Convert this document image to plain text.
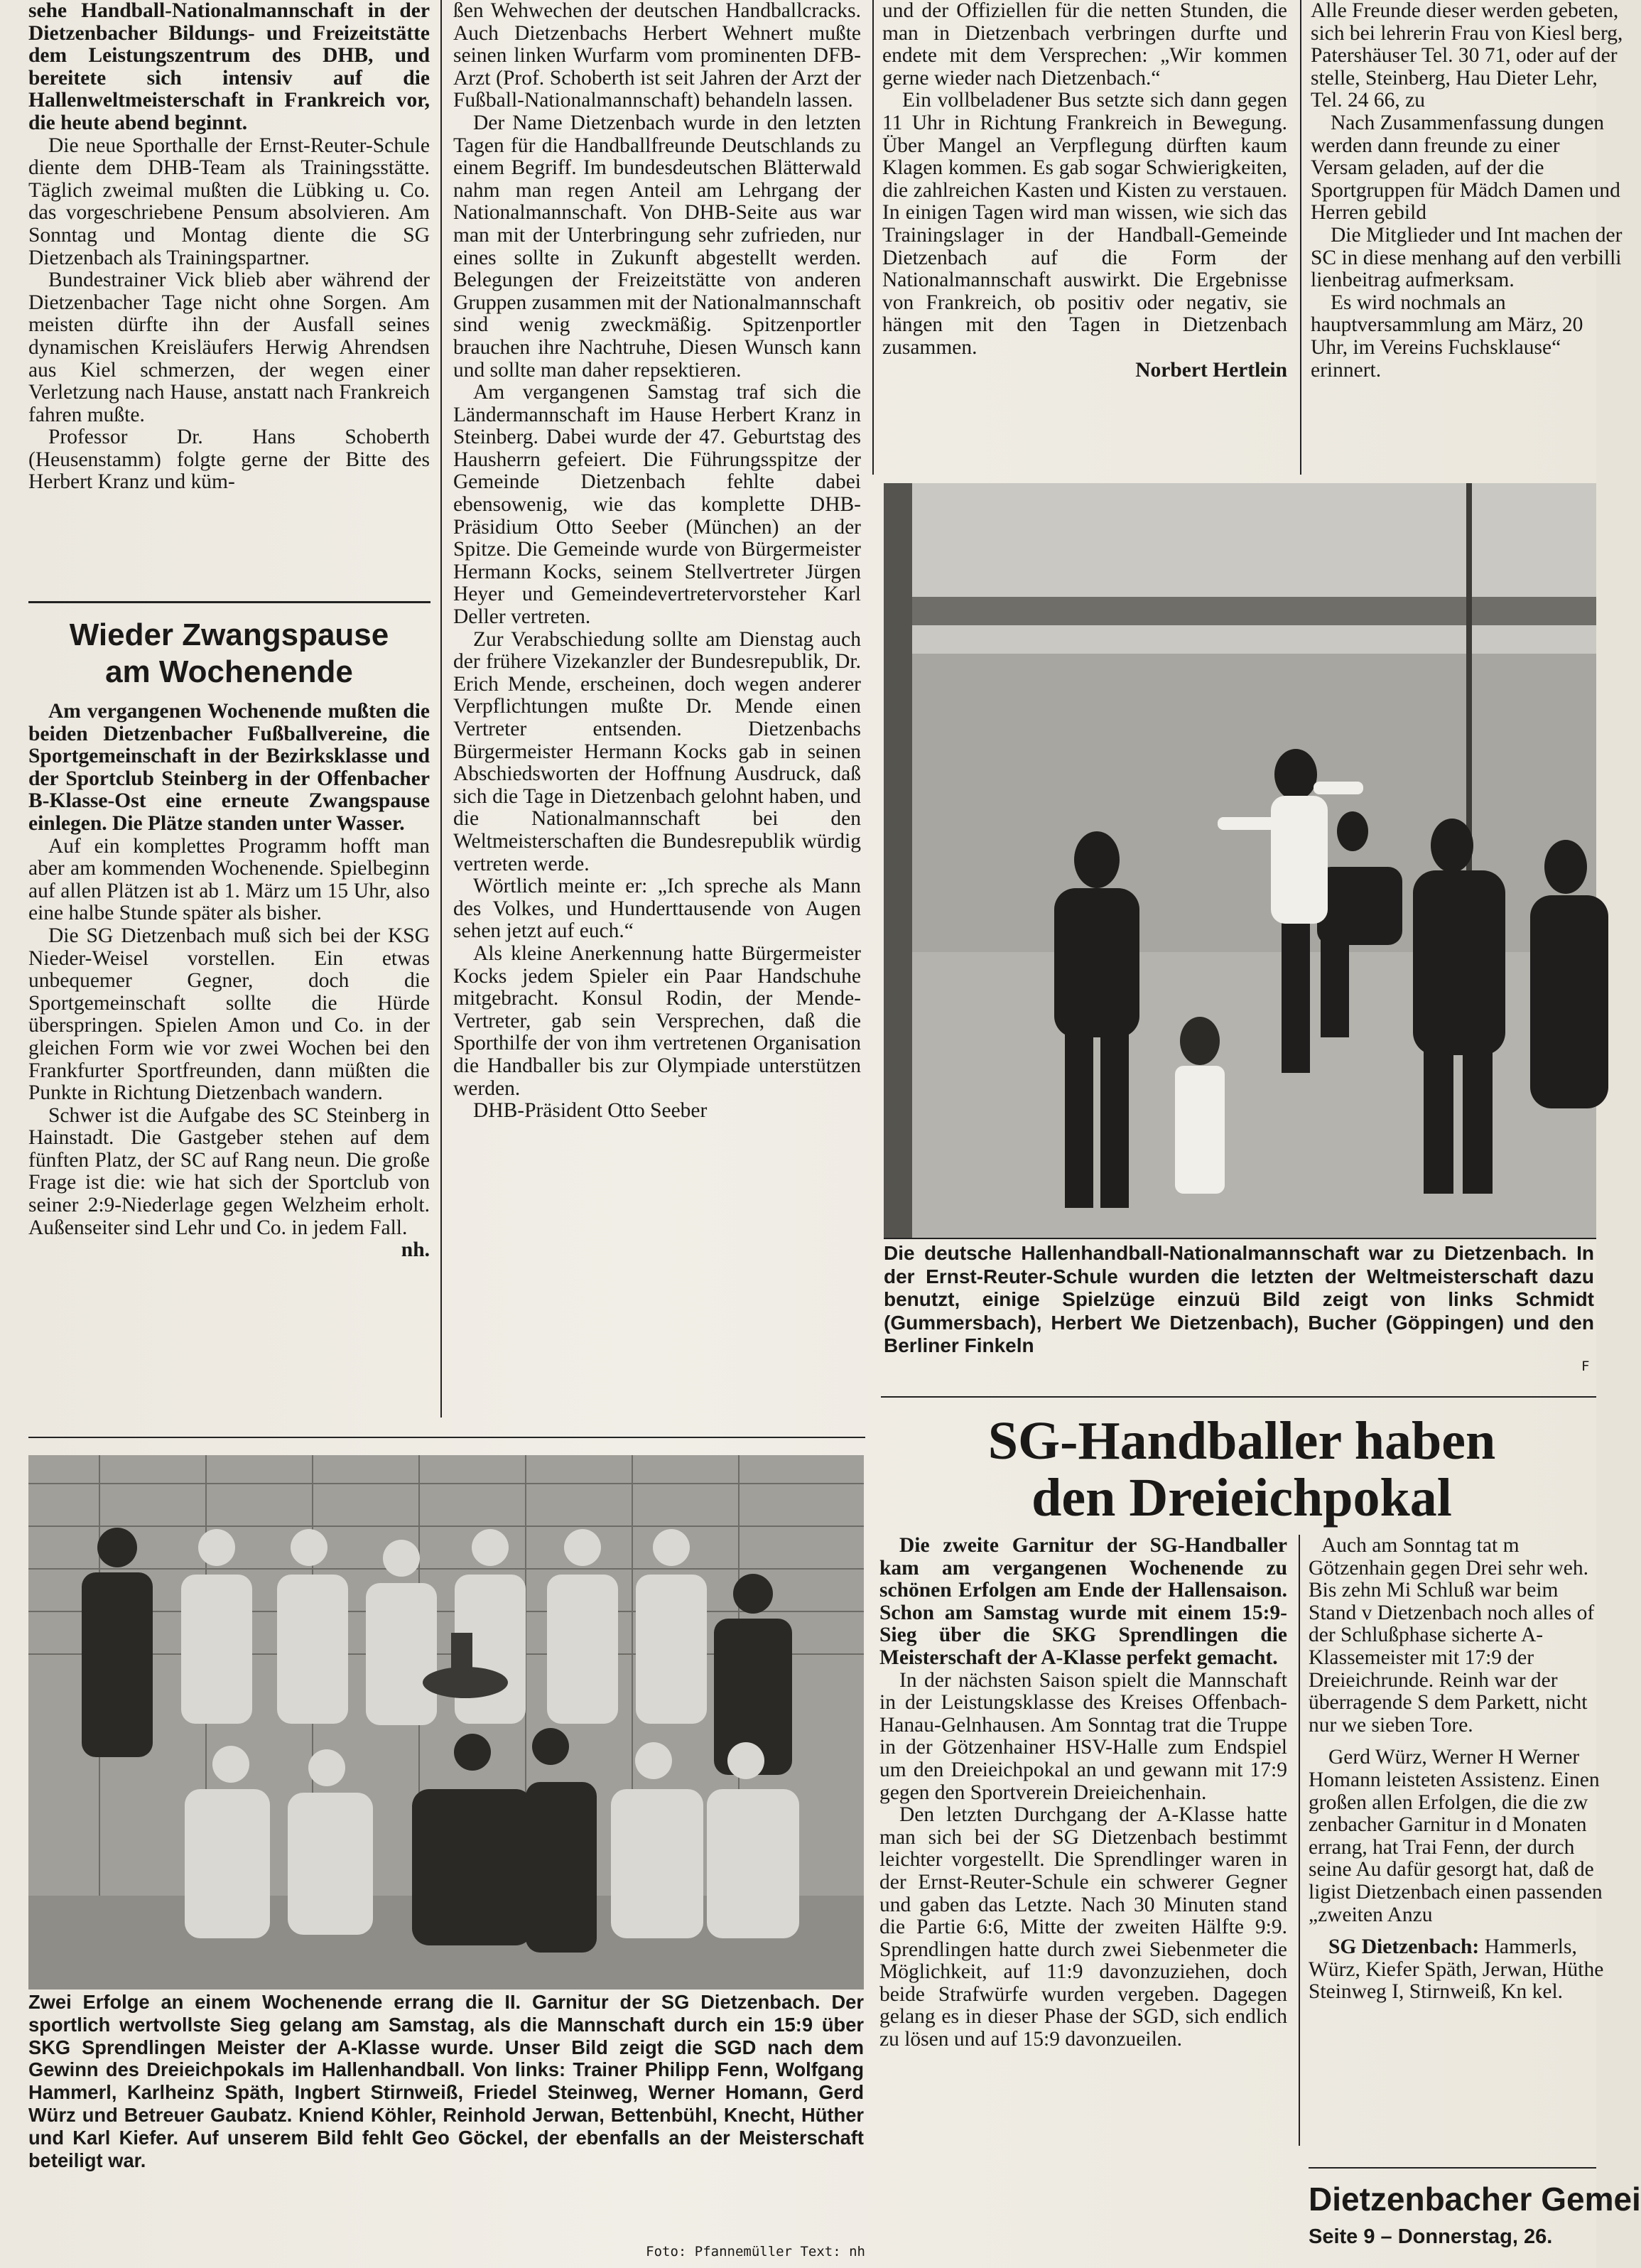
sehe Handball-Nationalmannschaft in der Dietzenbacher Bildungs- und Freizeitstätte dem Leistungszentrum des DHB, und bereitete sich intensiv auf die Hallenweltmeisterschaft in Frankreich vor, die heute abend beginnt.

Die neue Sporthalle der Ernst-Reuter-Schule diente dem DHB-Team als Trainingsstätte. Täglich zweimal mußten die Lübking u. Co. das vorgeschriebene Pensum absolvieren. Am Sonntag und Montag diente die SG Dietzenbach als Trainingspartner.

Bundestrainer Vick blieb aber während der Dietzenbacher Tage nicht ohne Sorgen. Am meisten dürfte ihn der Ausfall seines dynamischen Kreisläufers Herwig Ahrendsen aus Kiel schmerzen, der wegen einer Verletzung nach Hause, anstatt nach Frankreich fahren mußte.

Professor Dr. Hans Schoberth (Heusenstamm) folgte gerne der Bitte des Herbert Kranz und küm-

Wieder Zwangspause
am Wochenende

Am vergangenen Wochenende mußten die beiden Dietzenbacher Fußballvereine, die Sportgemeinschaft in der Bezirksklasse und der Sportclub Steinberg in der Offenbacher B-Klasse-Ost eine erneute Zwangspause einlegen. Die Plätze standen unter Wasser.

Auf ein komplettes Programm hofft man aber am kommenden Wochenende. Spielbeginn auf allen Plätzen ist ab 1. März um 15 Uhr, also eine halbe Stunde später als bisher.

Die SG Dietzenbach muß sich bei der KSG Nieder-Weisel vorstellen. Ein etwas unbequemer Gegner, doch die Sportgemeinschaft sollte die Hürde überspringen. Spielen Amon und Co. in der gleichen Form wie vor zwei Wochen bei den Frankfurter Sportfreunden, dann müßten die Punkte in Richtung Dietzenbach wandern.

Schwer ist die Aufgabe des SC Steinberg in Hainstadt. Die Gastgeber stehen auf dem fünften Platz, der SC auf Rang neun. Die große Frage ist die: wie hat sich der Sportclub von seiner 2:9-Niederlage gegen Welzheim erholt. Außenseiter sind Lehr und Co. in jedem Fall.

nh.

ßen Wehwechen der deutschen Handballcracks. Auch Dietzenbachs Herbert Wehnert mußte seinen linken Wurfarm vom prominenten DFB-Arzt (Prof. Schoberth ist seit Jahren der Arzt der Fußball-Nationalmannschaft) behandeln lassen.

Der Name Dietzenbach wurde in den letzten Tagen für die Handballfreunde Deutschlands zu einem Begriff. Im bundesdeutschen Blätterwald nahm man regen Anteil am Lehrgang der Nationalmannschaft. Von DHB-Seite aus war man mit der Unterbringung sehr zufrieden, nur eines sollte in Zukunft abgestellt werden. Belegungen der Freizeitstätte von anderen Gruppen zusammen mit der Nationalmannschaft sind wenig zweckmäßig. Spitzenportler brauchen ihre Nachtruhe, Diesen Wunsch kann und sollte man daher repsektieren.

Am vergangenen Samstag traf sich die Ländermannschaft im Hause Herbert Kranz in Steinberg. Dabei wurde der 47. Geburtstag des Hausherrn gefeiert. Die Führungsspitze der Gemeinde Dietzenbach fehlte dabei ebensowenig, wie das komplette DHB-Präsidium Otto Seeber (München) an der Spitze. Die Gemeinde wurde von Bürgermeister Hermann Kocks, seinem Stellvertreter Jürgen Heyer und Gemeindevertretervorsteher Karl Deller vertreten.

Zur Verabschiedung sollte am Dienstag auch der frühere Vizekanzler der Bundesrepublik, Dr. Erich Mende, erscheinen, doch wegen anderer Verpflichtungen mußte Dr. Mende einen Vertreter entsenden. Dietzenbachs Bürgermeister Hermann Kocks gab in seinen Abschiedsworten der Hoffnung Ausdruck, daß sich die Tage in Dietzenbach gelohnt haben, und die Nationalmannschaft bei den Weltmeisterschaften die Bundesrepublik würdig vertreten werde.

Wörtlich meinte er: „Ich spreche als Mann des Volkes, und Hunderttausende von Augen sehen jetzt auf euch.“

Als kleine Anerkennung hatte Bürgermeister Kocks jedem Spieler ein Paar Handschuhe mitgebracht. Konsul Rodin, der Mende-Vertreter, gab sein Versprechen, daß die Sporthilfe der von ihm vertretenen Organisation die Handballer bis zur Olympiade unterstützen werden.

DHB-Präsident Otto Seeber

und der Offiziellen für die netten Stunden, die man in Dietzenbach verbringen durfte und endete mit dem Versprechen: „Wir kommen gerne wieder nach Dietzenbach.“

Ein vollbeladener Bus setzte sich dann gegen 11 Uhr in Richtung Frankreich in Bewegung. Über Mangel an Verpflegung dürften kaum Klagen kommen. Es gab sogar Schwierigkeiten, die zahlreichen Kasten und Kisten zu verstauen. In einigen Tagen wird man wissen, wie sich das Trainingslager in der Handball-Gemeinde Dietzenbach auf die Form der Nationalmannschaft auswirkt. Die Ergebnisse von Frankreich, ob positiv oder negativ, sie hängen mit den Tagen in Dietzenbach zusammen.

Norbert Hertlein

Alle Freunde dieser werden gebeten, sich bei lehrerin Frau von Kiesl berg, Patershäuser Tel. 30 71, oder auf der stelle, Steinberg, Hau Dieter Lehr, Tel. 24 66, zu

Nach Zusammenfassung dungen werden dann freunde zu einer Versam geladen, auf der die Sportgruppen für Mädch Damen und Herren gebild

Die Mitglieder und Int machen der SC in diese menhang auf den verbilli lienbeitrag aufmerksam.

Es wird nochmals an hauptversammlung am März, 20 Uhr, im Vereins Fuchsklause“ erinnert.

Die deutsche Hallenhandball-Nationalmannschaft war zu Dietzenbach. In der Ernst-Reuter-Schule wurden die letzten der Weltmeisterschaft dazu benutzt, einige Spielzüge einzuü Bild zeigt von links Schmidt (Gummersbach), Herbert We Dietzenbach), Bucher (Göppingen) und den Berliner Finkeln
F
Zwei Erfolge an einem Wochenende errang die II. Garnitur der SG Dietzenbach. Der sportlich wertvollste Sieg gelang am Samstag, als die Mannschaft durch ein 15:9 über SKG Sprendlingen Meister der A-Klasse wurde. Unser Bild zeigt die SGD nach dem Gewinn des Dreieichpokals im Hallenhandball. Von links: Trainer Philipp Fenn, Wolfgang Hammerl, Karlheinz Späth, Ingbert Stirnweiß, Friedel Steinweg, Werner Homann, Gerd Würz und Betreuer Gaubatz. Kniend Köhler, Reinhold Jerwan, Bettenbühl, Knecht, Hüther und Karl Kiefer. Auf unserem Bild fehlt Geo Göckel, der ebenfalls an der Meisterschaft beteiligt war.
Foto: Pfannemüller Text: nh
SG-Handballer haben
den Dreieichpokal

Die zweite Garnitur der SG-Handballer kam am vergangenen Wochenende zu schönen Erfolgen am Ende der Hallensaison. Schon am Samstag wurde mit einem 15:9-Sieg über die SKG Sprendlingen die Meisterschaft der A-Klasse perfekt gemacht.

In der nächsten Saison spielt die Mannschaft in der Leistungsklasse des Kreises Offenbach-Hanau-Gelnhausen. Am Sonntag trat die Truppe in der Götzenhainer HSV-Halle zum Endspiel um den Dreieichpokal an und gewann mit 17:9 gegen den Sportverein Dreieichenhain.

Den letzten Durchgang der A-Klasse hatte man sich bei der SG Dietzenbach bestimmt leichter vorgestellt. Die Sprendlinger waren in der Ernst-Reuter-Schule ein schwerer Gegner und gaben das Letzte. Nach 30 Minuten stand die Partie 6:6, Mitte der zweiten Hälfte 9:9. Sprendlingen hatte durch zwei Siebenmeter die Möglichkeit, auf 11:9 davonzuziehen, doch beide Strafwürfe wurden vergeben. Dagegen gelang es in dieser Phase der SGD, sich endlich zu lösen und auf 15:9 davonzueilen.

Auch am Sonntag tat m Götzenhain gegen Drei sehr weh. Bis zehn Mi Schluß war beim Stand v Dietzenbach noch alles of der Schlußphase sicherte A-Klassemeister mit 17:9 der Dreieichrunde. Reinh war der überragende S dem Parkett, nicht nur we sieben Tore.

Gerd Würz, Werner H Werner Homann leisteten Assistenz. Einen großen allen Erfolgen, die die zw zenbacher Garnitur in d Monaten errang, hat Trai Fenn, der durch seine Au dafür gesorgt hat, daß de ligist Dietzenbach einen passenden „zweiten Anzu

SG Dietzenbach: Hammerls, Würz, Kiefer Späth, Jerwan, Hüthe Steinweg I, Stirnweiß, Kn kel.

Dietzenbacher Gemei
Seite 9 – Donnerstag, 26.
